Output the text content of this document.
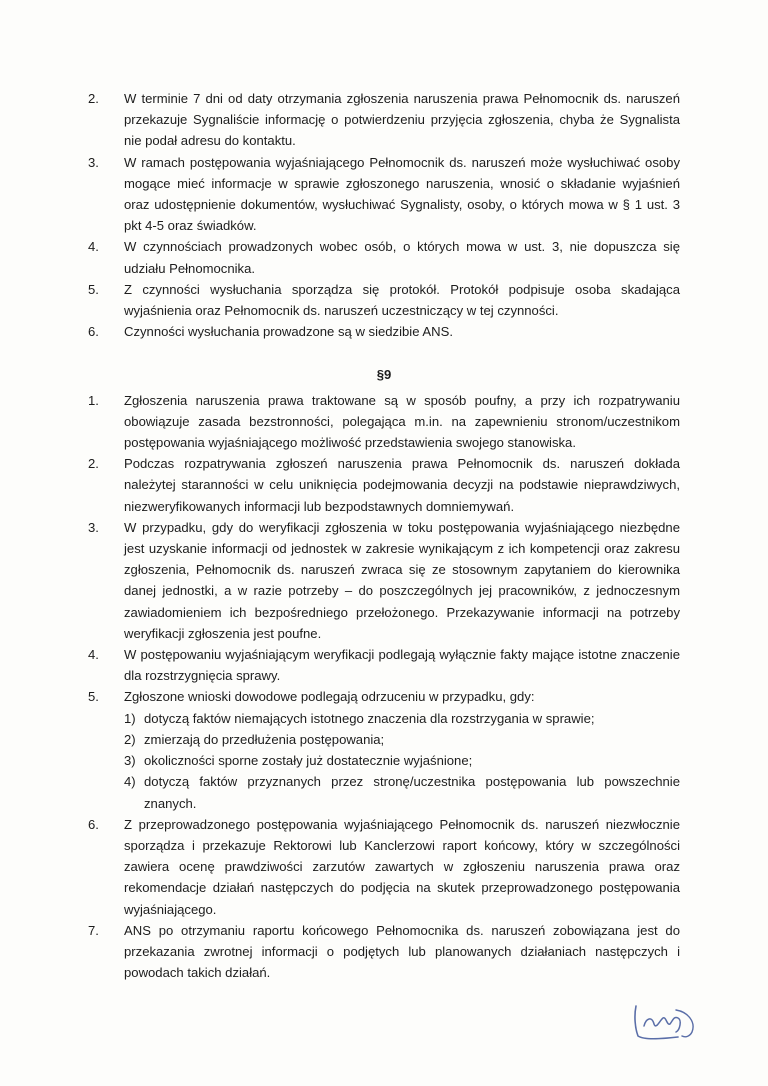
2. W terminie 7 dni od daty otrzymania zgłoszenia naruszenia prawa Pełnomocnik ds. naruszeń przekazuje Sygnaliście informację o potwierdzeniu przyjęcia zgłoszenia, chyba że Sygnalista nie podał adresu do kontaktu.
3. W ramach postępowania wyjaśniającego Pełnomocnik ds. naruszeń może wysłuchiwać osoby mogące mieć informacje w sprawie zgłoszonego naruszenia, wnosić o składanie wyjaśnień oraz udostępnienie dokumentów, wysłuchiwać Sygnalisty, osoby, o których mowa w § 1 ust. 3 pkt 4-5 oraz świadków.
4. W czynnościach prowadzonych wobec osób, o których mowa w ust. 3, nie dopuszcza się udziału Pełnomocnika.
5. Z czynności wysłuchania sporządza się protokół. Protokół podpisuje osoba skadająca wyjaśnienia oraz Pełnomocnik ds. naruszeń uczestniczący w tej czynności.
6. Czynności wysłuchania prowadzone są w siedzibie ANS.
§9
1. Zgłoszenia naruszenia prawa traktowane są w sposób poufny, a przy ich rozpatrywaniu obowiązuje zasada bezstronności, polegająca m.in. na zapewnieniu stronom/uczestnikom postępowania wyjaśniającego możliwość przedstawienia swojego stanowiska.
2. Podczas rozpatrywania zgłoszeń naruszenia prawa Pełnomocnik ds. naruszeń dokłada należytej staranności w celu uniknięcia podejmowania decyzji na podstawie nieprawdziwych, niezweryfikowanych informacji lub bezpodstawnych domniemywań.
3. W przypadku, gdy do weryfikacji zgłoszenia w toku postępowania wyjaśniającego niezbędne jest uzyskanie informacji od jednostek w zakresie wynikającym z ich kompetencji oraz zakresu zgłoszenia, Pełnomocnik ds. naruszeń zwraca się ze stosownym zapytaniem do kierownika danej jednostki, a w razie potrzeby – do poszczególnych jej pracowników, z jednoczesnym zawiadomieniem ich bezpośredniego przełożonego. Przekazywanie informacji na potrzeby weryfikacji zgłoszenia jest poufne.
4. W postępowaniu wyjaśniającym weryfikacji podlegają wyłącznie fakty mające istotne znaczenie dla rozstrzygnięcia sprawy.
5. Zgłoszone wnioski dowodowe podlegają odrzuceniu w przypadku, gdy:
1) dotyczą faktów niemających istotnego znaczenia dla rozstrzygania w sprawie;
2) zmierzają do przedłużenia postępowania;
3) okoliczności sporne zostały już dostatecznie wyjaśnione;
4) dotyczą faktów przyznanych przez stronę/uczestnika postępowania lub powszechnie znanych.
6. Z przeprowadzonego postępowania wyjaśniającego Pełnomocnik ds. naruszeń niezwłocznie sporządza i przekazuje Rektorowi lub Kanclerzowi raport końcowy, który w szczególności zawiera ocenę prawdziwości zarzutów zawartych w zgłoszeniu naruszenia prawa oraz rekomendacje działań następczych do podjęcia na skutek przeprowadzonego postępowania wyjaśniającego.
7. ANS po otrzymaniu raportu końcowego Pełnomocnika ds. naruszeń zobowiązana jest do przekazania zwrotnej informacji o podjętych lub planowanych działaniach następczych i powodach takich działań.
